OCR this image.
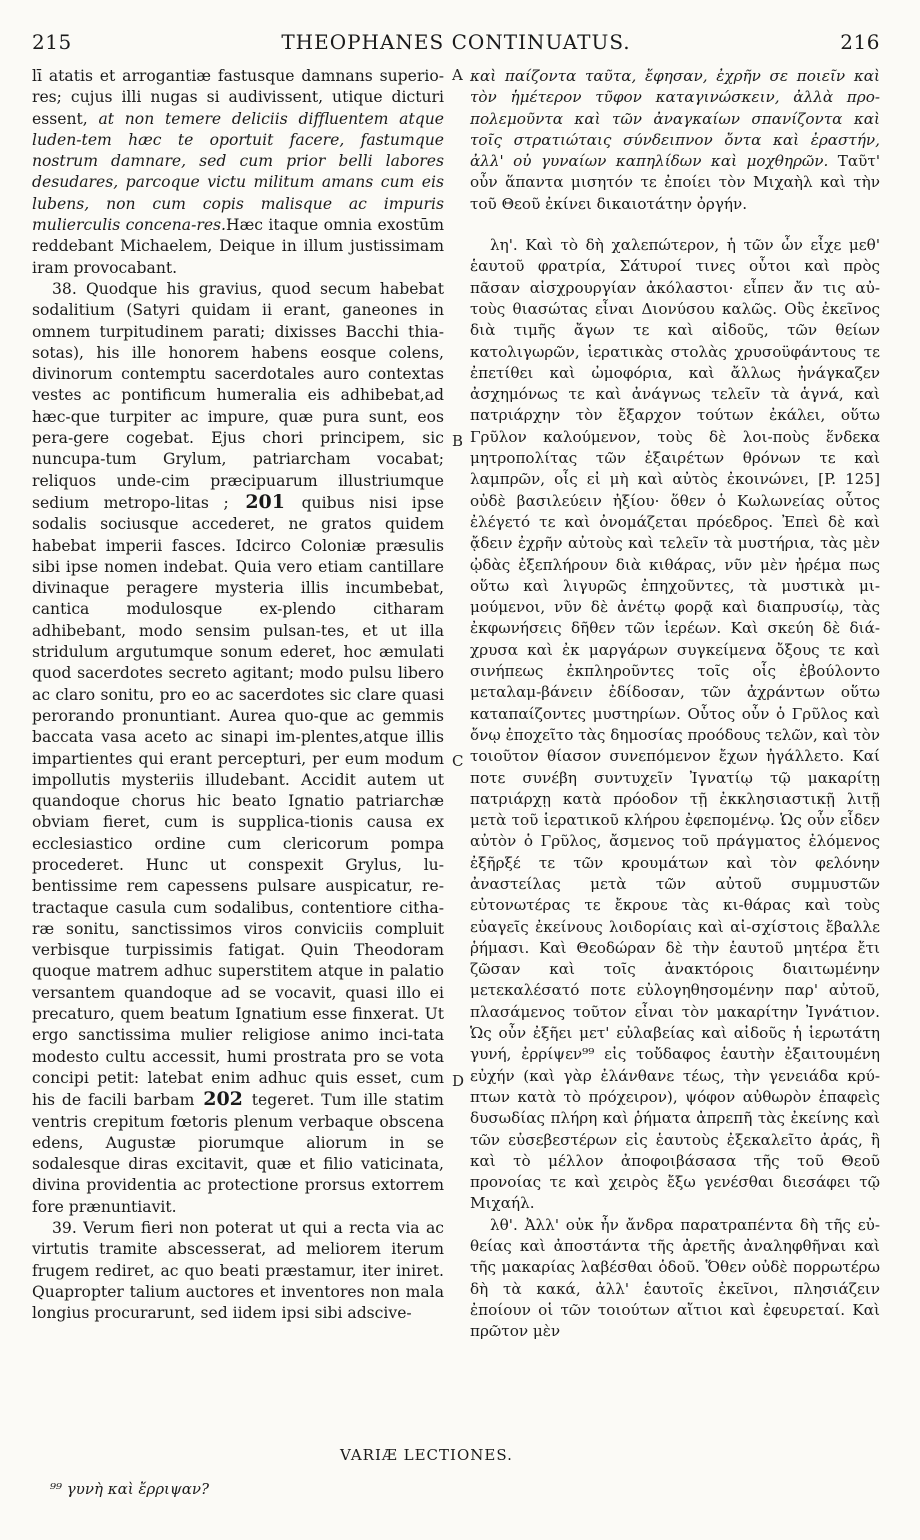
215	THEOPHANES CONTINUATUS.	216

lī atatis et arrogantiæ fastusque damnans superio-res; cujus illi nugas si audivissent, utique dicturi essent, at non temere deliciis diffluentem atque luden-tem hæc te oportuit facere, fastumque nostrum damnare, sed cum prior belli labores desudares, parcoque victu militum amans cum eis lubens, non cum copis malisque ac impuris mulierculis concena-res.Hæc itaque omnia exostūm reddebant Michaelem, Deique in illum justissimam iram provocabant.

38. Quodque his gravius, quod secum habebat sodalitium (Satyri quidam ii erant, ganeones in omnem turpitudinem parati; dixisses Bacchi thia-sotas), his ille honorem habens eosque colens, divinorum contemptu sacerdotales auro contextas vestes ac pontificum humeralia eis adhibebat,ad hæc-que turpiter ac impure, quæ pura sunt, eos pera-gere cogebat. Ejus chori principem, sic nuncupa-tum Grylum, patriarcham vocabat; reliquos unde-cim præcipuarum illustriumque sedium metropo-litas ; 201 quibus nisi ipse sodalis sociusque accederet, ne gratos quidem habebat imperii fasces. Idcirco Coloniæ præsulis sibi ipse nomen indebat. Quia vero etiam cantillare divinaque peragere mysteria illis incumbebat, cantica modulosque ex-plendo citharam adhibebant, modo sensim pulsan-tes, et ut illa stridulum argutumque sonum ederet, hoc æmulati quod sacerdotes secreto agitant; modo pulsu libero ac claro sonitu, pro eo ac sacerdotes sic clare quasi perorando pronuntiant. Aurea quo-que ac gemmis baccata vasa aceto ac sinapi im-plentes,atque illis impartientes qui erant percepturi, per eum modum impollutis mysteriis illudebant. Accidit autem ut quandoque chorus hic beato Ignatio patriarchæ obviam fieret, cum is supplica-tionis causa ex ecclesiastico ordine cum clericorum pompa procederet. Hunc ut conspexit Grylus, lu-bentissime rem capessens pulsare auspicatur, re-tractaque casula cum sodalibus, contentiore citha-ræ sonitu, sanctissimos viros conviciis compluit verbisque turpissimis fatigat. Quin Theodoram quoque matrem adhuc superstitem atque in palatio versantem quandoque ad se vocavit, quasi illo ei precaturo, quem beatum Ignatium esse finxerat. Ut ergo sanctissima mulier religiose animo inci-tata modesto cultu accessit, humi prostrata pro se vota concipi petit: latebat enim adhuc quis esset, cum his de facili barbam 202 tegeret. Tum ille statim ventris crepitum fœtoris plenum verbaque obscena edens, Augustæ piorumque aliorum in se sodalesque diras excitavit, quæ et filio vaticinata, divina providentia ac protectione prorsus extorrem fore prænuntiavit.

39. Verum fieri non poterat ut qui a recta via ac virtutis tramite abscesserat, ad meliorem iterum frugem rediret, ac quo beati præstamur, iter iniret. Quapropter talium auctores et inventores non mala longius procurarunt, sed iidem ipsi sibi adscive-

καὶ παίζοντα ταῦτα, ἔφησαν, ἐχρῆν σε ποιεῖν καὶ τὸν ἡμέτερον τῦφον καταγινώσκειν, ἀλλὰ προ-πολεμοῦντα καὶ τῶν ἀναγκαίων σπανίζοντα καὶ τοῖς στρατιώταις σύνδειπνον ὄντα καὶ ἐραστήν, ἀλλ' οὐ γυναίων καπηλίδων καὶ μοχθηρῶν. Ταῦτ' οὖν ἅπαντα μισητόν τε ἐποίει τὸν Μιχαὴλ καὶ τὴν τοῦ Θεοῦ ἐκίνει δικαιοτάτην ὀργήν.

λη'. Καὶ τὸ δὴ χαλεπώτερον, ἡ τῶν ὧν εἶχε μεθ' ἑαυτοῦ φρατρία, Σάτυροί τινες οὗτοι καὶ πρὸς πᾶσαν αἰσχρουργίαν ἀκόλαστοι· εἶπεν ἄν τις αὐ-τοὺς θιασώτας εἶναι Διονύσου καλῶς. Οὓς ἐκεῖνος διὰ τιμῆς ἄγων τε καὶ αἰδοῦς, τῶν θείων κατολιγωρῶν, ἱερατικὰς στολὰς χρυσοϋφάντους τε ἐπετίθει καὶ ὠμοφόρια, καὶ ἄλλως ἠνάγκαζεν ἀσχημόνως τε καὶ ἀνάγνως τελεῖν τὰ ἁγνά, καὶ πατριάρχην τὸν ἔξαρχον τούτων ἐκάλει, οὕτω Γρῦλον καλούμενον, τοὺς δὲ λοι-ποὺς ἕνδεκα μητροπολίτας τῶν ἐξαιρέτων θρόνων τε καὶ λαμπρῶν, οἷς εἰ μὴ καὶ αὐτὸς ἐκοινώνει, [P. 125] οὐδὲ βασιλεύειν ἠξίου· ὅθεν ὁ Κωλωνείας οὗτος ἐλέγετό τε καὶ ὀνομάζεται πρόεδρος. Ἐπεὶ δὲ καὶ ᾄδειν ἐχρῆν αὐτοὺς καὶ τελεῖν τὰ μυστήρια, τὰς μὲν ᾠδὰς ἐξεπλήρουν διὰ κιθάρας, νῦν μὲν ἠρέμα πως οὕτω καὶ λιγυρῶς ἐπηχοῦντες, τὰ μυστικὰ μι-μούμενοι, νῦν δὲ ἀνέτῳ φορᾷ καὶ διαπρυσίῳ, τὰς ἐκφωνήσεις δῆθεν τῶν ἱερέων. Καὶ σκεύη δὲ διά-χρυσα καὶ ἐκ μαργάρων συγκείμενα ὄξους τε καὶ σινήπεως ἐκπληροῦντες τοῖς οἷς ἐβούλοντο μεταλαμ-βάνειν ἐδίδοσαν, τῶν ἀχράντων οὕτω καταπαίζοντες μυστηρίων. Οὗτος οὖν ὁ Γρῦλος καὶ ὄνῳ ἐποχεῖτο τὰς δημοσίας προόδους τελῶν, καὶ τὸν τοιοῦτον θίασον συνεπόμενον ἔχων ἠγάλλετο. Καί ποτε συνέβη συντυχεῖν Ἰγνατίῳ τῷ μακαρίτῃ πατριάρχῃ κατὰ πρόοδον τῇ ἐκκλησιαστικῇ λιτῇ μετὰ τοῦ ἱερατικοῦ κλήρου ἐφεπομένῳ. Ὡς οὖν εἶδεν αὐτὸν ὁ Γρῦλος, ἄσμενος τοῦ πράγματος ἐλόμενος ἐξῆρξέ τε τῶν κρουμάτων καὶ τὸν φελόνην ἀναστείλας μετὰ τῶν αὐτοῦ συμμυστῶν εὐτονωτέρας τε ἔκρουε τὰς κι-θάρας καὶ τοὺς εὐαγεῖς ἐκείνους λοιδορίαις καὶ αἰ-σχίστοις ἔβαλλε ῥήμασι. Καὶ Θεοδώραν δὲ τὴν ἑαυτοῦ μητέρα ἔτι ζῶσαν καὶ τοῖς ἀνακτόροις διαιτωμένην μετεκαλέσατό ποτε εὐλογηθησομένην παρ' αὐτοῦ, πλασάμενος τοῦτον εἶναι τὸν μακαρίτην Ἰγνάτιον. Ὡς οὖν ἐξῆει μετ' εὐλαβείας καὶ αἰδοῦς ἡ ἱερωτάτη γυνή, ἐρρίψεν⁹⁹ εἰς τοὔδαφος ἑαυτὴν ἐξαιτουμένη εὐχήν (καὶ γὰρ ἐλάνθανε τέως, τὴν γενειάδα κρύ-πτων κατὰ τὸ πρόχειρον), ψόφον αὐθωρὸν ἐπαφεὶς δυσωδίας πλήρη καὶ ῥήματα ἀπρεπῆ τὰς ἐκείνης καὶ τῶν εὐσεβεστέρων εἰς ἑαυτοὺς ἐξεκαλεῖτο ἀράς, ἣ καὶ τὸ μέλλον ἀποφοιβάσασα τῆς τοῦ Θεοῦ προνοίας τε καὶ χειρὸς ἔξω γενέσθαι διεσάφει τῷ Μιχαήλ.

λθ'. Ἀλλ' οὐκ ἦν ἄνδρα παρατραπέντα δὴ τῆς εὐ-θείας καὶ ἀποστάντα τῆς ἀρετῆς ἀναληφθῆναι καὶ τῆς μακαρίας λαβέσθαι ὁδοῦ. Ὅθεν οὐδὲ πορρωτέρω δὴ τὰ κακά, ἀλλ' ἑαυτοῖς ἐκεῖνοι, πλησιάζειν ἐποίουν οἱ τῶν τοιούτων αἴτιοι καὶ ἐφευρεταί. Καὶ πρῶτον μὲν

A
B
C
D
VARIÆ LECTIONES.
⁹⁹ γυνὴ καὶ ἔρριψαν?
